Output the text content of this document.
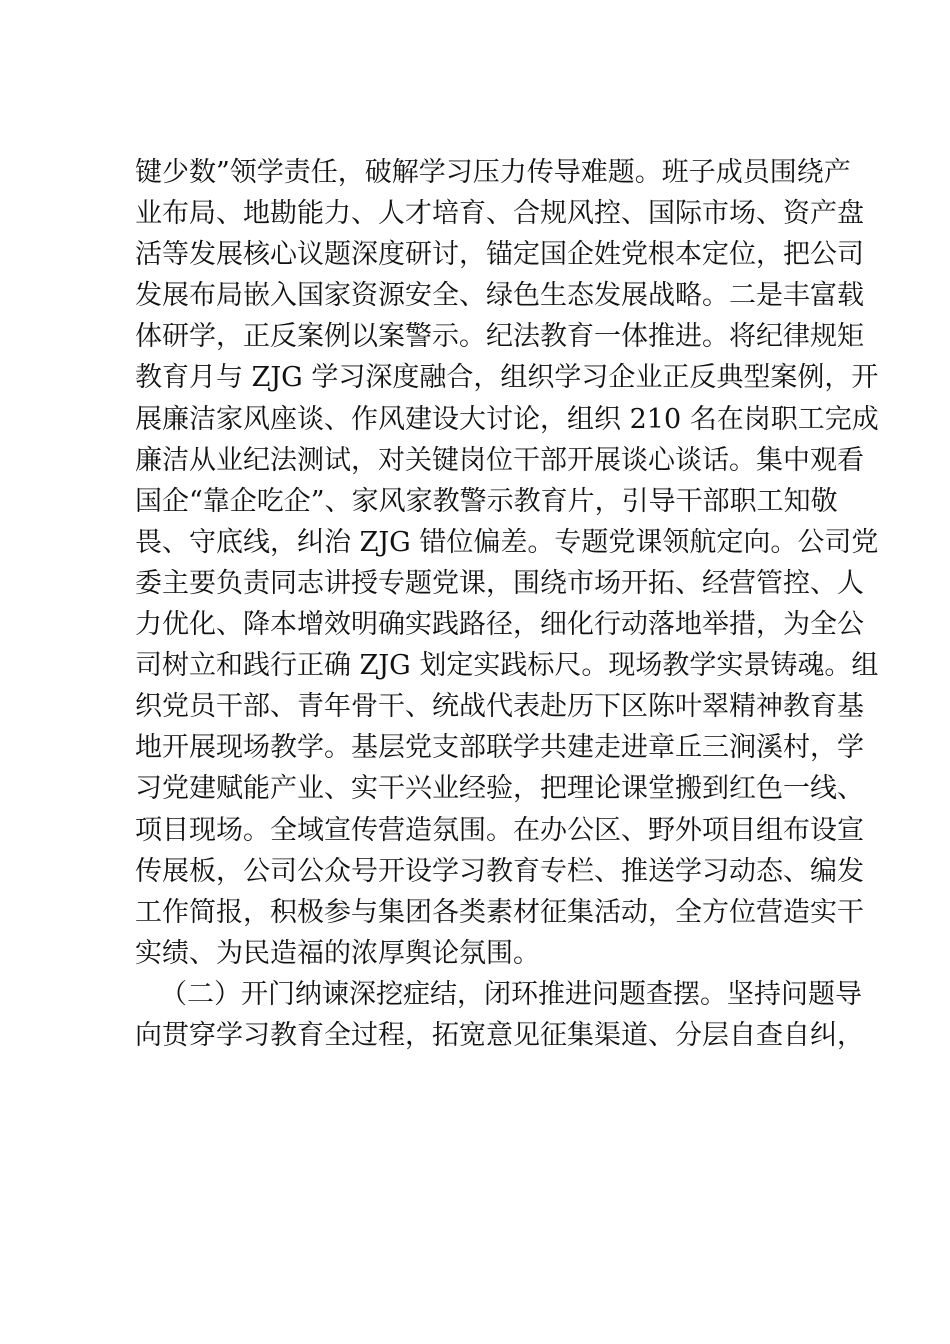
键少数”领学责任，破解学习压力传导难题。班子成员围绕产
业布局、地勘能力、人才培育、合规风控、国际市场、资产盘
活等发展核心议题深度研讨，锚定国企姓党根本定位，把公司
发展布局嵌入国家资源安全、绿色生态发展战略。二是丰富载
体研学，正反案例以案警示。纪法教育一体推进。将纪律规矩
教育月与 ZJG 学习深度融合，组织学习企业正反典型案例，开
展廉洁家风座谈、作风建设大讨论，组织 210 名在岗职工完成
廉洁从业纪法测试，对关键岗位干部开展谈心谈话。集中观看
国企“靠企吃企”、家风家教警示教育片，引导干部职工知敬
畏、守底线，纠治 ZJG 错位偏差。专题党课领航定向。公司党
委主要负责同志讲授专题党课，围绕市场开拓、经营管控、人
力优化、降本增效明确实践路径，细化行动落地举措，为全公
司树立和践行正确 ZJG 划定实践标尺。现场教学实景铸魂。组
织党员干部、青年骨干、统战代表赴历下区陈叶翠精神教育基
地开展现场教学。基层党支部联学共建走进章丘三涧溪村，学
习党建赋能产业、实干兴业经验，把理论课堂搬到红色一线、
项目现场。全域宣传营造氛围。在办公区、野外项目组布设宣
传展板，公司公众号开设学习教育专栏、推送学习动态、编发
工作简报，积极参与集团各类素材征集活动，全方位营造实干
实绩、为民造福的浓厚舆论氛围。
（二）开门纳谏深挖症结，闭环推进问题查摆。坚持问题导
向贯穿学习教育全过程，拓宽意见征集渠道、分层自查自纠，
